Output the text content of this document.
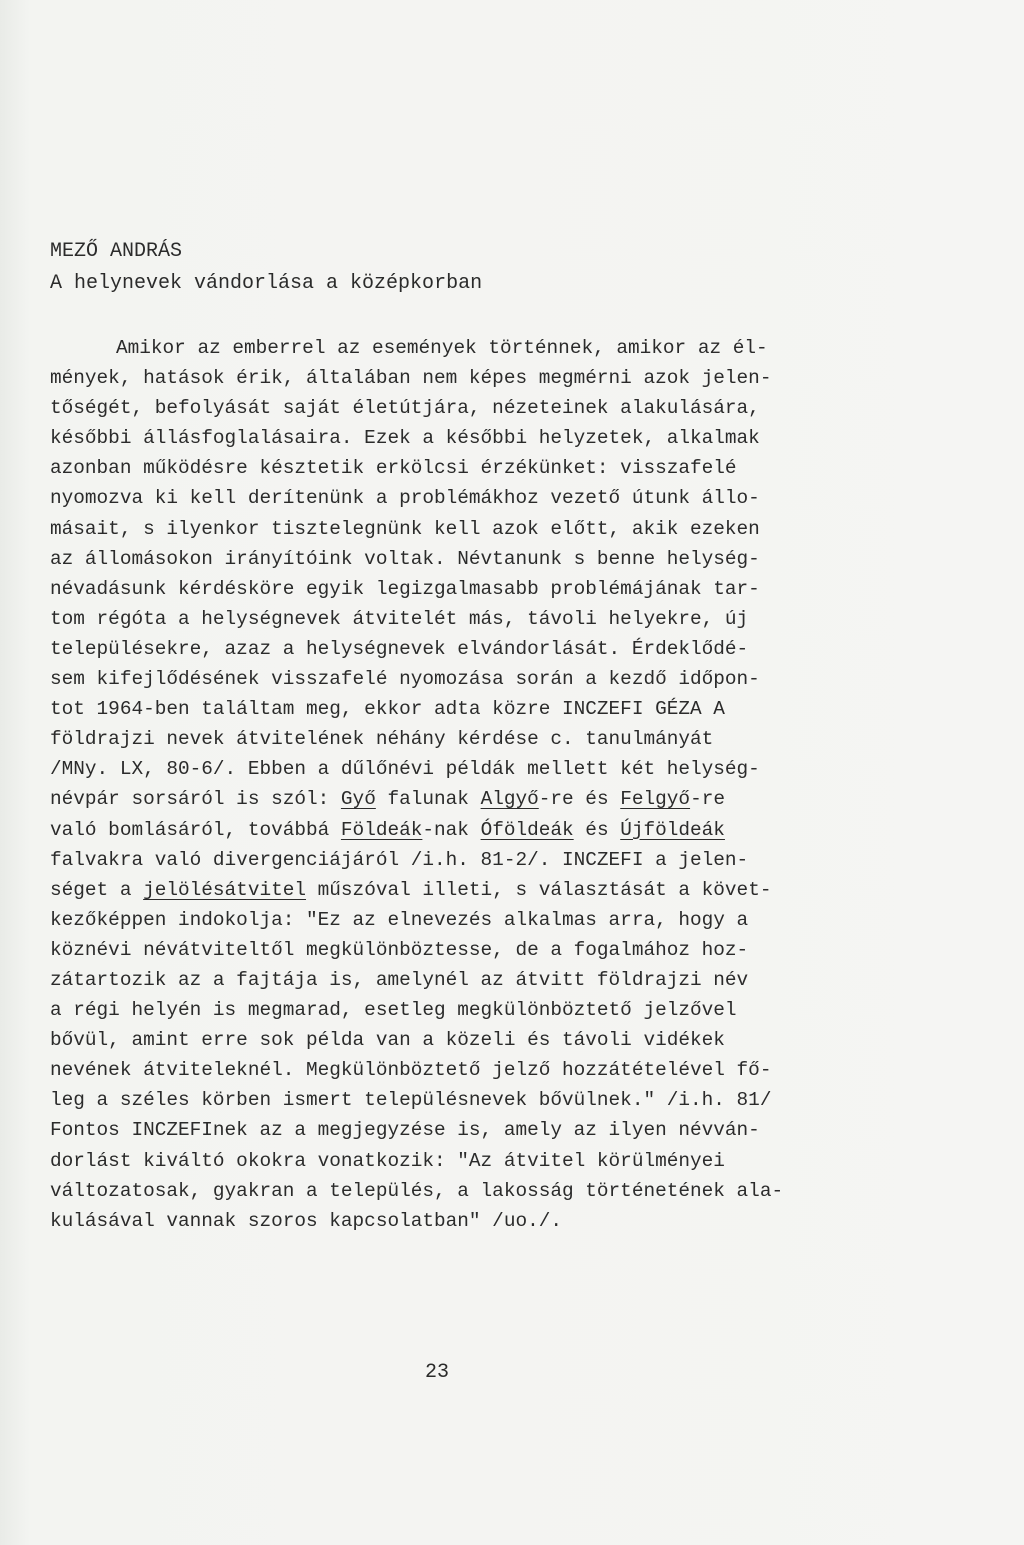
MEZŐ ANDRÁS
A helynevek vándorlása a középkorban
Amikor az emberrel az események történnek, amikor az él-
mények, hatások érik, általában nem képes megmérni azok jelen-
tőségét, befolyását saját életútjára, nézeteinek alakulására,
későbbi állásfoglalásaira. Ezek a későbbi helyzetek, alkalmak
azonban működésre késztetik erkölcsi érzékünket: visszafelé
nyomozva ki kell derítenünk a problémákhoz vezető útunk állo-
másait, s ilyenkor tisztelegnünk kell azok előtt, akik ezeken
az állomásokon irányítóink voltak. Névtanunk s benne helység-
névadásunk kérdésköre egyik legizgalmasabb problémájának tar-
tom régóta a helységnevek átvitelét más, távoli helyekre, új
településekre, azaz a helységnevek elvándorlását. Érdeklődé-
sem kifejlődésének visszafelé nyomozása során a kezdő időpon-
tot 1964-ben találtam meg, ekkor adta közre INCZEFI GÉZA A
földrajzi nevek átvitelének néhány kérdése c. tanulmányát
/MNy. LX, 80-6/. Ebben a dűlőnévi példák mellett két helység-
névpár sorsáról is szól: Győ falunak Algyő-re és Felgyő-re
való bomlásáról, továbbá Földeák-nak Óföldeák és Újföldeák
falvakra való divergenciájáról /i.h. 81-2/. INCZEFI a jelen-
séget a jelölésátvitel műszóval illeti, s választását a követ-
kezőképpen indokolja: "Ez az elnevezés alkalmas arra, hogy a
köznévi névátviteltől megkülönböztesse, de a fogalmához hoz-
zátartozik az a fajtája is, amelynél az átvitt földrajzi név
a régi helyén is megmarad, esetleg megkülönböztető jelzővel
bővül, amint erre sok példa van a közeli és távoli vidékek
nevének átviteleknél. Megkülönböztető jelző hozzátételével fő-
leg a széles körben ismert településnevek bővülnek." /i.h. 81/
Fontos INCZEFInek az a megjegyzése is, amely az ilyen névván-
dorlást kiváltó okokra vonatkozik: "Az átvitel körülményei
változatosak, gyakran a település, a lakosság történetének ala-
kulásával vannak szoros kapcsolatban" /uo./.
23
